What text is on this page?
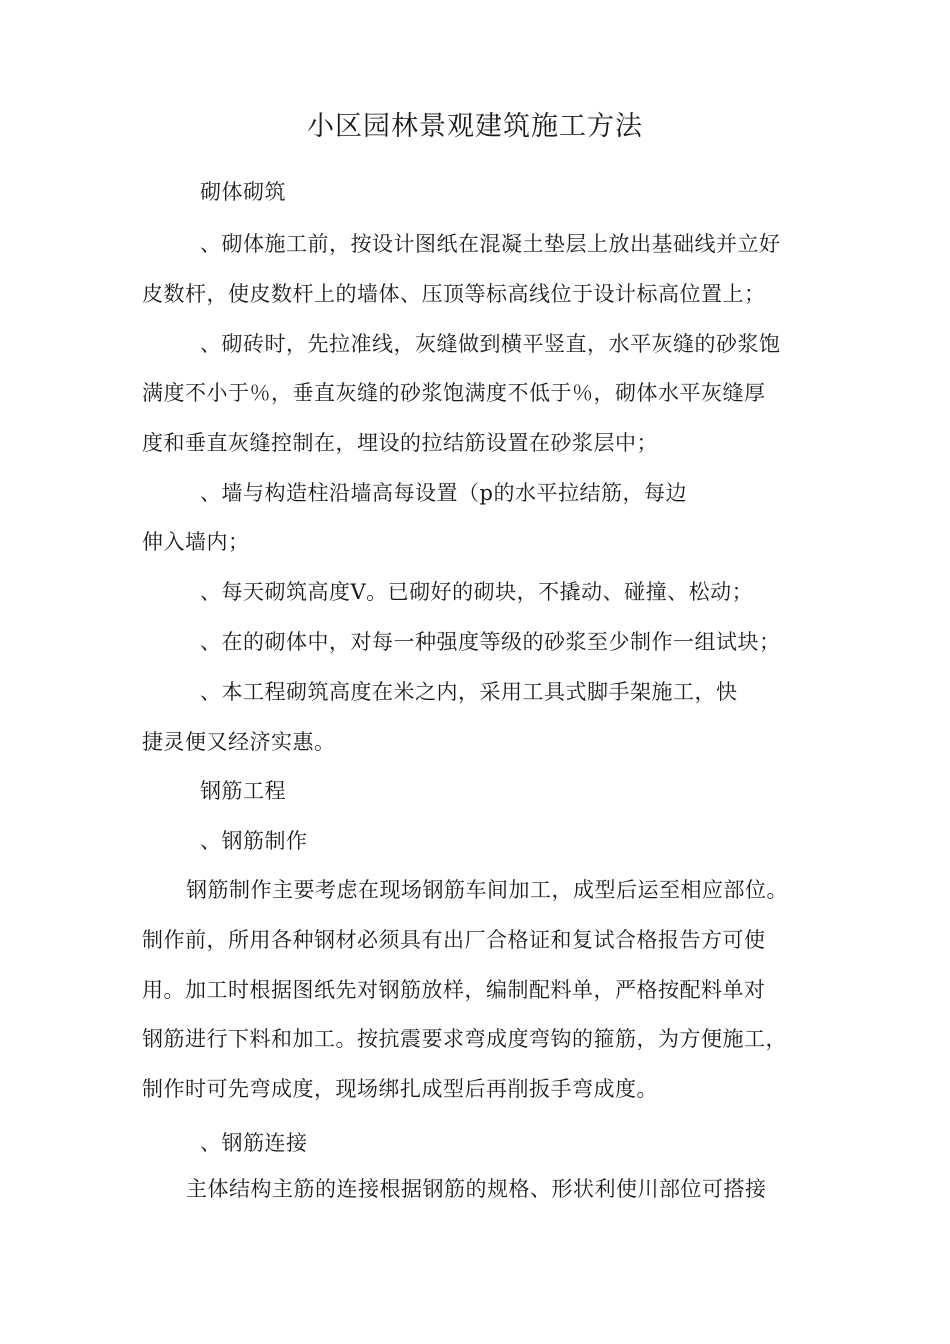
小区园林景观建筑施工方法

砌体砌筑

、砌体施工前，按设计图纸在混凝土垫层上放出基础线并立好

皮数杆，使皮数杆上的墙体、压顶等标高线位于设计标高位置上；

、砌砖时，先拉准线，灰缝做到横平竖直，水平灰缝的砂浆饱

满度不小于％，垂直灰缝的砂浆饱满度不低于％，砌体水平灰缝厚

度和垂直灰缝控制在，埋设的拉结筋设置在砂浆层中；

、墙与构造柱沿墙高每设置（p的水平拉结筋，每边

伸入墙内；

、每天砌筑高度V。已砌好的砌块，不撬动、碰撞、松动；

、在的砌体中，对每一种强度等级的砂浆至少制作一组试块；

、本工程砌筑高度在米之内，采用工具式脚手架施工，快

捷灵便又经济实惠。

钢筋工程

、钢筋制作

钢筋制作主要考虑在现场钢筋车间加工，成型后运至相应部位。

制作前，所用各种钢材必须具有出厂合格证和复试合格报告方可使

用。加工时根据图纸先对钢筋放样，编制配料单，严格按配料单对

钢筋进行下料和加工。按抗震要求弯成度弯钩的箍筋，为方便施工，

制作时可先弯成度，现场绑扎成型后再削扳手弯成度。

、钢筋连接

主体结构主筋的连接根据钢筋的规格、形状利使川部位可搭接
